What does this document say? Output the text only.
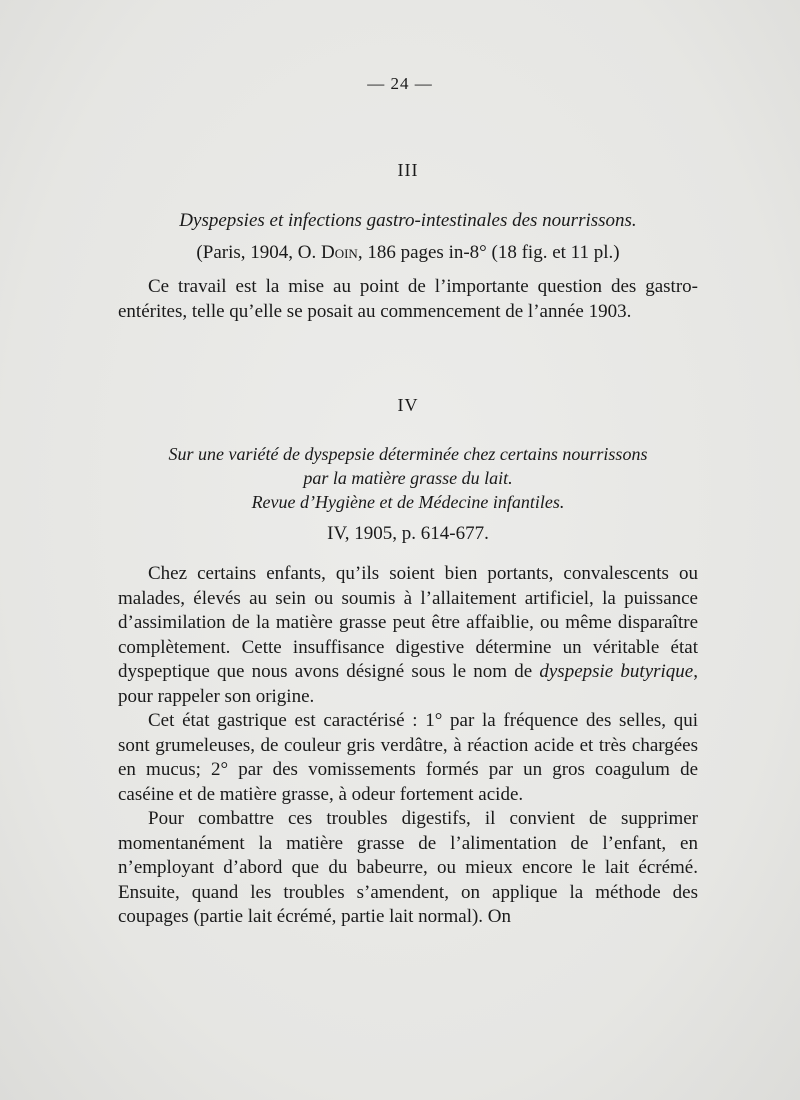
— 24 —
III
Dyspepsies et infections gastro-intestinales des nourrissons.
(Paris, 1904, O. Doin, 186 pages in-8° (18 fig. et 11 pl.)

Ce travail est la mise au point de l’importante question des gastro-entérites, telle qu’elle se posait au commencement de l’année 1903.

IV
Sur une variété de dyspepsie déterminée chez certains nourrissons
par la matière grasse du lait.
Revue d’Hygiène et de Médecine infantiles.
IV, 1905, p. 614-677.

Chez certains enfants, qu’ils soient bien portants, convalescents ou malades, élevés au sein ou soumis à l’allaitement artificiel, la puissance d’assimilation de la matière grasse peut être affaiblie, ou même disparaître complètement. Cette insuffisance digestive détermine un véritable état dyspeptique que nous avons désigné sous le nom de dyspepsie butyrique, pour rappeler son origine.

Cet état gastrique est caractérisé : 1° par la fréquence des selles, qui sont grumeleuses, de couleur gris verdâtre, à réaction acide et très chargées en mucus; 2° par des vomissements formés par un gros coagulum de caséine et de matière grasse, à odeur fortement acide.

Pour combattre ces troubles digestifs, il convient de supprimer momentanément la matière grasse de l’alimentation de l’enfant, en n’employant d’abord que du babeurre, ou mieux encore le lait écrémé. Ensuite, quand les troubles s’amendent, on applique la méthode des coupages (partie lait écrémé, partie lait normal). On
